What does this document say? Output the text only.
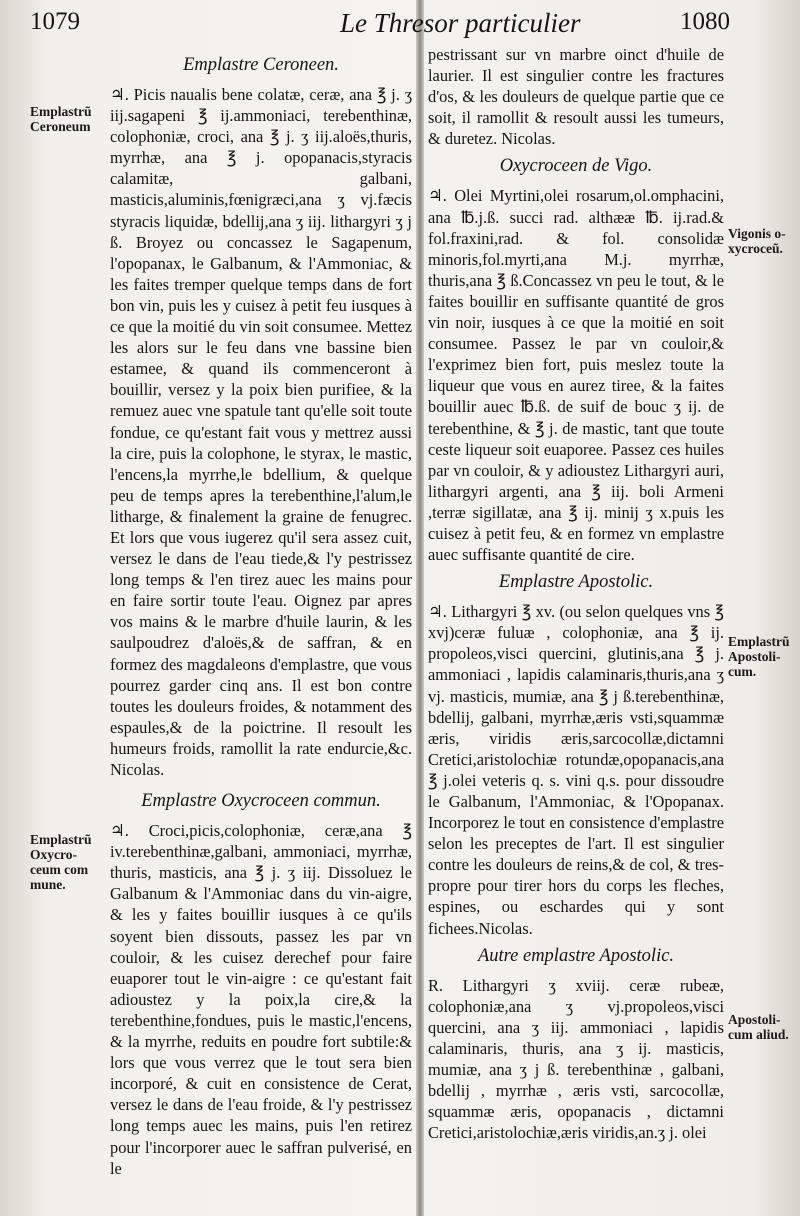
1079	Le Thresor particulier	1080
Emplastre Ceroneen.

♃. Picis naualis bene colatæ, ceræ, ana ℥ j. ʒ iij.sagapeni ℥ ij.ammoniaci, terebenthinæ, colophoniæ, croci, ana ℥ j. ʒ iij.aloës,thuris, myrrhæ, ana ℥ j. opopanacis,styracis calamitæ, galbani, masticis,aluminis,fœnigræci,ana ʒ vj.fæcis styracis liquidæ, bdellij,ana ʒ iij. lithargyri ʒ j ß. Broyez ou concassez le Sagapenum, l'opopanax, le Galbanum, & l'Ammoniac, & les faites tremper quelque temps dans de fort bon vin, puis les y cuisez à petit feu iusques à ce que la moitié du vin soit consumee. Mettez les alors sur le feu dans vne bassine bien estamee, & quand ils commenceront à bouillir, versez y la poix bien purifiee, & la remuez auec vne spatule tant qu'elle soit toute fondue, ce qu'estant fait vous y mettrez aussi la cire, puis la colophone, le styrax, le mastic, l'encens,la myrrhe,le bdellium, & quelque peu de temps apres la terebenthine,l'alum,le litharge, & finalement la graine de fenugrec. Et lors que vous iugerez qu'il sera assez cuit, versez le dans de l'eau tiede,& l'y pestrissez long temps & l'en tirez auec les mains pour en faire sortir toute l'eau. Oignez par apres vos mains & le marbre d'huile laurin, & les saulpoudrez d'aloës,& de saffran, & en formez des magdaleons d'emplastre, que vous pourrez garder cinq ans. Il est bon contre toutes les douleurs froides, & notamment des espaules,& de la poictrine. Il resoult les humeurs froids, ramollit la rate endurcie,&c. Nicolas.

Emplastre Oxycroceen commun.

♃. Croci,picis,colophoniæ, ceræ,ana ℥ iv.terebenthinæ,galbani, ammoniaci, myrrhæ, thuris, masticis, ana ℥ j. ʒ iij. Dissoluez le Galbanum & l'Ammoniac dans du vin-aigre, & les y faites bouillir iusques à ce qu'ils soyent bien dissouts, passez les par vn couloir, & les cuisez derechef pour faire euaporer tout le vin-aigre : ce qu'estant fait adioustez y la poix,la cire,& la terebenthine,fondues, puis le mastic,l'encens, & la myrrhe, reduits en poudre fort subtile:& lors que vous verrez que le tout sera bien incorporé, & cuit en consistence de Cerat, versez le dans de l'eau froide, & l'y pestrissez long temps auec les mains, puis l'en retirez pour l'incorporer auec le saffran pulverisé, en le

pestrissant sur vn marbre oinct d'huile de laurier. Il est singulier contre les fractures d'os, & les douleurs de quelque partie que ce soit, il ramollit & resoult aussi les tumeurs, & duretez. Nicolas.

Oxycroceen de Vigo.

♃. Olei Myrtini,olei rosarum,ol.omphacini, ana ℔.j.ß. succi rad. althææ ℔. ij.rad.& fol.fraxini,rad. & fol. consolidæ minoris,fol.myrti,ana M.j. myrrhæ, thuris,ana ℥ ß.Concassez vn peu le tout, & le faites bouillir en suffisante quantité de gros vin noir, iusques à ce que la moitié en soit consumee. Passez le par vn couloir,& l'exprimez bien fort, puis meslez toute la liqueur que vous en aurez tiree, & la faites bouillir auec ℔.ß. de suif de bouc ʒ ij. de terebenthine, & ℥ j. de mastic, tant que toute ceste liqueur soit euaporee. Passez ces huiles par vn couloir, & y adioustez Lithargyri auri, lithargyri argenti, ana ℥ iij. boli Armeni ,terræ sigillatæ, ana ℥ ij. minij ʒ x.puis les cuisez à petit feu, & en formez vn emplastre auec suffisante quantité de cire.

Emplastre Apostolic.

♃. Lithargyri ℥ xv. (ou selon quelques vns ℥ xvj)ceræ fuluæ , colophoniæ, ana ℥ ij. propoleos,visci quercini, glutinis,ana ℥ j. ammoniaci , lapidis calaminaris,thuris,ana ʒ vj. masticis, mumiæ, ana ℥ j ß.terebenthinæ, bdellij, galbani, myrrhæ,æris vsti,squammæ æris, viridis æris,sarcocollæ,dictamni Cretici,aristolochiæ rotundæ,opopanacis,ana ℥ j.olei veteris q. s. vini q.s. pour dissoudre le Galbanum, l'Ammoniac, & l'Opopanax. Incorporez le tout en consistence d'emplastre selon les preceptes de l'art. Il est singulier contre les douleurs de reins,& de col, & tres-propre pour tirer hors du corps les fleches, espines, ou eschardes qui y sont fichees.Nicolas.

Autre emplastre Apostolic.

R. Lithargyri ʒ xviij. ceræ rubeæ, colophoniæ,ana ʒ vj.propoleos,visci quercini, ana ʒ iij. ammoniaci , lapidis calaminaris, thuris, ana ʒ ij. masticis, mumiæ, ana ʒ j ß. terebenthinæ , galbani, bdellij , myrrhæ , æris vsti, sarcocollæ, squammæ æris, opopanacis , dictamni Cretici,aristolochiæ,æris viridis,an.ʒ j. olei

Emplastrũ
Ceroneum
Emplastrũ
Oxycro-
ceum com
mune.
Vigonis o-
xycroceũ.
Emplastrũ
Apostoli-
cum.
Apostoli-
cum aliud.
